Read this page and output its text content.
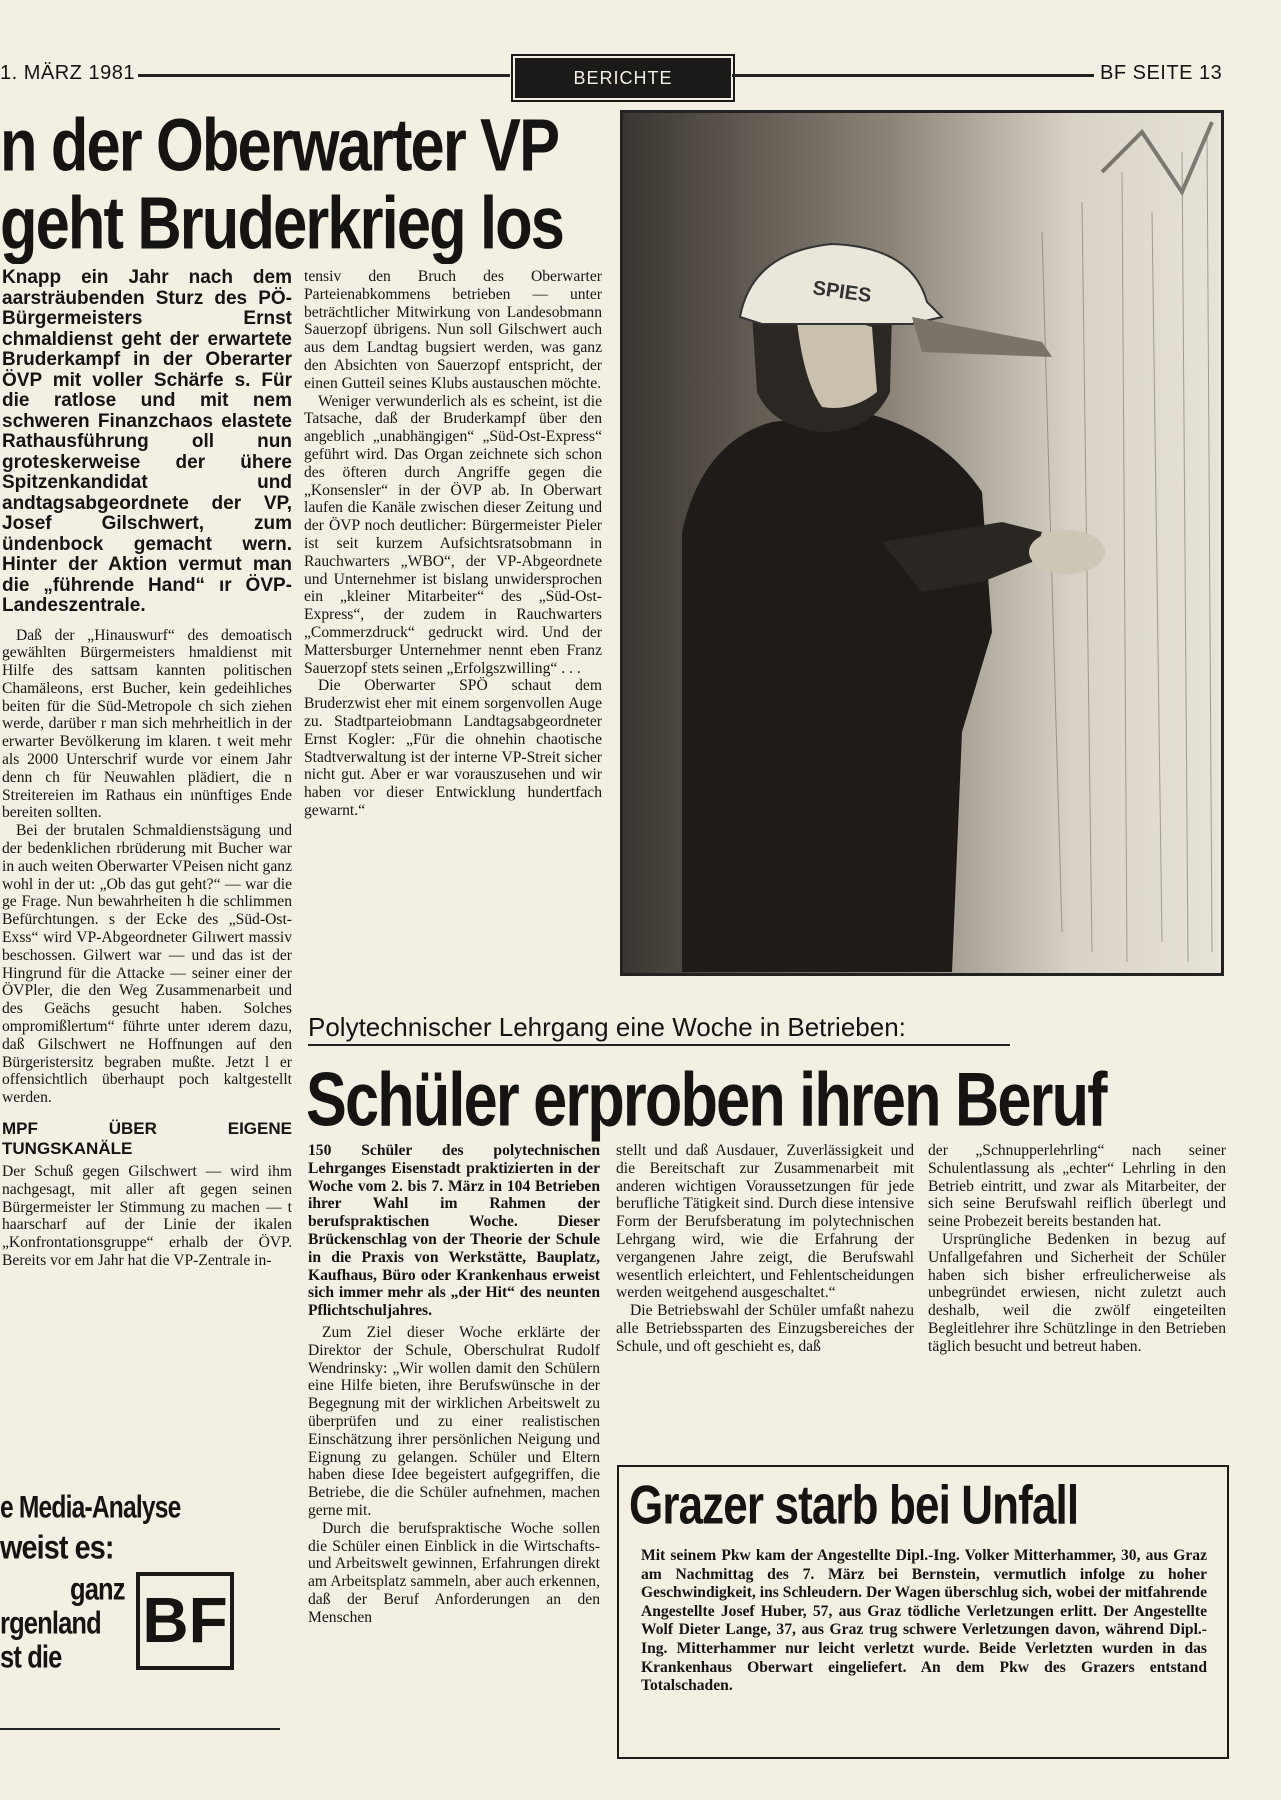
1. MÄRZ 1981	BERICHTE	BF SEITE 13
n der Oberwarter VP
geht Bruderkrieg los

Knapp ein Jahr nach dem aarsträubenden Sturz des PÖ-Bürgermeisters Ernst chmaldienst geht der erwartete Bruderkampf in der Oberarter ÖVP mit voller Schärfe s. Für die ratlose und mit nem schweren Finanzchaos elastete Rathausführung oll nun groteskerweise der ühere Spitzenkandidat und andtagsabgeordnete der VP, Josef Gilschwert, zum ündenbock gemacht wern. Hinter der Aktion vermut man die „führende Hand“ ır ÖVP-Landeszentrale.

Daß der „Hinauswurf“ des demoatisch gewählten Bürgermeisters hmaldienst mit Hilfe des sattsam kannten politischen Chamäleons, erst Bucher, kein gedeihliches beiten für die Süd-Metropole ch sich ziehen werde, darüber r man sich mehrheitlich in der erwarter Bevölkerung im klaren. t weit mehr als 2000 Unterschrif wurde vor einem Jahr denn ch für Neuwahlen plädiert, die n Streitereien im Rathaus ein ınünftiges Ende bereiten sollten.

Bei der brutalen Schmaldienstsägung und der bedenklichen rbrüderung mit Bucher war in auch weiten Oberwarter VPeisen nicht ganz wohl in der ut: „Ob das gut geht?“ — war die ge Frage. Nun bewahrheiten h die schlimmen Befürchtungen. s der Ecke des „Süd-Ost-Exss“ wird VP-Abgeordneter Gilıwert massiv beschossen. Gilwert war — und das ist der Hingrund für die Attacke — seiner einer der ÖVPler, die den Weg Zusammenarbeit und des Geächs gesucht haben. Solches ompromißlertum“ führte unter ıderem dazu, daß Gilschwert ne Hoffnungen auf den Bürgeristersitz begraben mußte. Jetzt l er offensichtlich überhaupt poch kaltgestellt werden.

MPF ÜBER EIGENE TUNGSKANÄLE

Der Schuß gegen Gilschwert — wird ihm nachgesagt, mit aller aft gegen seinen Bürgermeister ler Stimmung zu machen — t haarscharf auf der Linie der ikalen „Konfrontationsgruppe“ erhalb der ÖVP. Bereits vor em Jahr hat die VP-Zentrale in-

tensiv den Bruch des Oberwarter Parteienabkommens betrieben — unter beträchtlicher Mitwirkung von Landesobmann Sauerzopf übrigens. Nun soll Gilschwert auch aus dem Landtag bugsiert werden, was ganz den Absichten von Sauerzopf entspricht, der einen Gutteil seines Klubs austauschen möchte.

Weniger verwunderlich als es scheint, ist die Tatsache, daß der Bruderkampf über den angeblich „unabhängigen“ „Süd-Ost-Express“ geführt wird. Das Organ zeichnete sich schon des öfteren durch Angriffe gegen die „Konsensler“ in der ÖVP ab. In Oberwart laufen die Kanäle zwischen dieser Zeitung und der ÖVP noch deutlicher: Bürgermeister Pieler ist seit kurzem Aufsichtsratsobmann in Rauchwarters „WBO“, der VP-Abgeordnete und Unternehmer ist bislang unwidersprochen ein „kleiner Mitarbeiter“ des „Süd-Ost-Express“, der zudem in Rauchwarters „Commerzdruck“ gedruckt wird. Und der Mattersburger Unternehmer nennt eben Franz Sauerzopf stets seinen „Erfolgszwilling“ . . .

Die Oberwarter SPÖ schaut dem Bruderzwist eher mit einem sorgenvollen Auge zu. Stadtparteiobmann Landtagsabgeordneter Ernst Kogler: „Für die ohnehin chaotische Stadtverwaltung ist der interne VP-Streit sicher nicht gut. Aber er war vorauszusehen und wir haben vor dieser Entwicklung hundertfach gewarnt.“

SPIES
Polytechnischer Lehrgang eine Woche in Betrieben:
Schüler erproben ihren Beruf

150 Schüler des polytechnischen Lehrganges Eisenstadt praktizierten in der Woche vom 2. bis 7. März in 104 Betrieben ihrer Wahl im Rahmen der berufspraktischen Woche. Dieser Brückenschlag von der Theorie der Schule in die Praxis von Werkstätte, Bauplatz, Kaufhaus, Büro oder Krankenhaus erweist sich immer mehr als „der Hit“ des neunten Pflichtschuljahres.

Zum Ziel dieser Woche erklärte der Direktor der Schule, Oberschulrat Rudolf Wendrinsky: „Wir wollen damit den Schülern eine Hilfe bieten, ihre Berufswünsche in der Begegnung mit der wirklichen Arbeitswelt zu überprüfen und zu einer realistischen Einschätzung ihrer persönlichen Neigung und Eignung zu gelangen. Schüler und Eltern haben diese Idee begeistert aufgegriffen, die Betriebe, die die Schüler aufnehmen, machen gerne mit.

Durch die berufspraktische Woche sollen die Schüler einen Einblick in die Wirtschafts- und Arbeitswelt gewinnen, Erfahrungen direkt am Arbeitsplatz sammeln, aber auch erkennen, daß der Beruf Anforderungen an den Menschen

stellt und daß Ausdauer, Zuverlässigkeit und die Bereitschaft zur Zusammenarbeit mit anderen wichtigen Voraussetzungen für jede berufliche Tätigkeit sind. Durch diese intensive Form der Berufsberatung im polytechnischen Lehrgang wird, wie die Erfahrung der vergangenen Jahre zeigt, die Berufswahl wesentlich erleichtert, und Fehlentscheidungen werden weitgehend ausgeschaltet.“

Die Betriebswahl der Schüler umfaßt nahezu alle Betriebssparten des Einzugsbereiches der Schule, und oft geschieht es, daß

der „Schnupperlehrling“ nach seiner Schulentlassung als „echter“ Lehrling in den Betrieb eintritt, und zwar als Mitarbeiter, der sich seine Berufswahl reiflich überlegt und seine Probezeit bereits bestanden hat.

Ursprüngliche Bedenken in bezug auf Unfallgefahren und Sicherheit der Schüler haben sich bisher erfreulicherweise als unbegründet erwiesen, nicht zuletzt auch deshalb, weil die zwölf eingeteilten Begleitlehrer ihre Schützlinge in den Betrieben täglich besucht und betreut haben.

Grazer starb bei Unfall
Mit seinem Pkw kam der Angestellte Dipl.-Ing. Volker Mitterhammer, 30, aus Graz am Nachmittag des 7. März bei Bernstein, vermutlich infolge zu hoher Geschwindigkeit, ins Schleudern. Der Wagen überschlug sich, wobei der mitfahrende Angestellte Josef Huber, 57, aus Graz tödliche Verletzungen erlitt. Der Angestellte Wolf Dieter Lange, 37, aus Graz trug schwere Verletzungen davon, während Dipl.-Ing. Mitterhammer nur leicht verletzt wurde. Beide Verletzten wurden in das Krankenhaus Oberwart eingeliefert. An dem Pkw des Grazers entstand Totalschaden.
e Media-Analyse
weist es:
ganz
rgenland
st die
BF
